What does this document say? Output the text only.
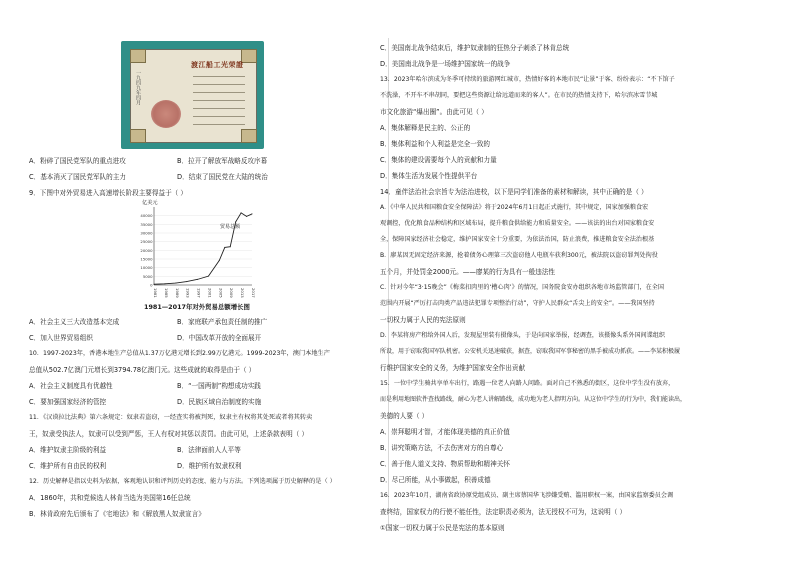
渡江船工光荣證
一九四九年四月
A．粉碎了国民党军队的重点进攻	B．拉开了解放军战略反攻序幕
C．基本消灭了国民党军队的主力	D．结束了国民党在大陆的统治
9．下图中对外贸易进入高速增长阶段主要得益于（ ）
40000
35000
30000
25000
20000
15000
10000
5000
0
1981 1985 1989 1993 1997 2001 2005 2009 2013 2017
亿美元
贸易总额
1981—2017年对外贸易总额增长图
A．社会主义三大改造基本完成	B．家庭联产承包责任制的推广
C．加入世界贸易组织	D．中国改革开放的全面展开
10．1997-2023年，香港本地生产总值从1.37万亿港元增长到2.99万亿港元。1999-2023年，澳门本地生产
总值从502.7亿澳门元增长到3794.78亿澳门元。这些成就的取得是由于（ ）
A．社会主义制度具有优越性	B．“一国两制”构想成功实践
C．要加强国家经济的管控	D．民族区域自治制度的实施
11．《汉谟拉比法典》第六条规定：奴隶若盗窃，一经查实将被判死，奴隶主有权将其处死或者将其转卖
王，奴隶受执法人，奴隶可以受到严惩，王人有权对其惩以责罚。由此可见，上述条款表明（ ）
A．维护奴隶主阶级的利益	B．法律面前人人平等
C．维护所有自由民的权利	D．维护所有奴隶权利
12．历史解释是指以史料为依据，客观地认识和评判历史的态度、能力与方法。下列选项属于历史解释的是（ ）
A．1860年，共和党候选人林肯当选为美国第16任总统
B．林肯政府先后颁布了《宅地法》和《解放黑人奴隶宣言》
C．美国南北战争结束后，维护奴隶制的狂热分子刺杀了林肯总统
D．美国南北战争是一场维护国家统一的战争
13．2023年哈尔滨成为冬季可持续的旅游网红城市，热情好客的本地市民“让景”于客、纷纷表示：“不下馆子
不洗澡，不开车不串胡同，要把这些资源让给远道而来的客人”。在市民的热情支持下，哈尔滨冰雪节城
市文化旅游“爆出圈”。由此可见（ ）
A．集体解释是民主的、公正的
B．集体利益和个人利益是完全一致的
C．集体的建设需要每个人的贡献和力量
D．集体生活为发展个性提供平台
14．童伴法治社会宗旨专为法治进校，以下是同学们准备的素材和解读，其中正确的是（ ）
A．《中华人民共和国粮食安全保障法》将于2024年6月1日起正式施行，其中规定，国家加强粮食宏
观调控，优化粮食品种结构和区域布局，提升粮食供给能力和质量安全。——该法的出台对国家粮食安
全，保障国家经济社会稳定，维护国家安全十分重要，为依法治国，防止浪费，推进粮食安全法治根基
B．廖某因无固定经济来源，抢着债务心理第三次盗窃他人电瓶车获利300元，被法院以盗窃罪判处拘役
五个月，并处罚金2000元。——廖某的行为具有一般违法性
C．针对今年“3·15晚会”《梅菜扣肉里的‘槽心肉’》的情况，国务院食安办组织各地市场监管部门，在全国
范围内开展“严厉打击肉类产品违法犯罪专项整治行动”，守护人民群众“舌尖上的安全”。——我国坚持
一切权力属于人民的宪法原则
D．李某将房产租给外国人后，发现屋里装有摄像头，于是向国家举报，经调查，该摄像头系外国间谍组织
所设，用于窃取我国军队机密。公安机关迅速破获，据查，窃取我国军事秘密的黑手被成功抓获。——李某积极履
行维护国家安全的义务，为维护国家安全作出贡献
15．一位中学生骑共享单车出行，路遇一位老人向路人问路。面对自己不熟悉的街区，这位中学生没有放弃，
而是利用地图软件查找路线，耐心为老人讲解路线，成功地为老人指明方向。从这位中学生的行为中，我们能读出，
美德的人要（ ）
A．崇拜聪明才智，才能体现美德的真正价值
B．讲究策略方法，不去伤害对方的自尊心
C．善于他人道义支持、物质帮助和精神关怀
D．尽己所能，从小事做起，积善成德
16．2023年10月，湖南省政协原党组成员、副主席蔡国华飞涉嫌受贿、滥用职权一案，由国家监察委员会调
查终结，国家权力的行使不能任性，法定职责必须为，法无授权不可为，这说明（ ）
①国家一切权力属于公民是宪法的基本原则
